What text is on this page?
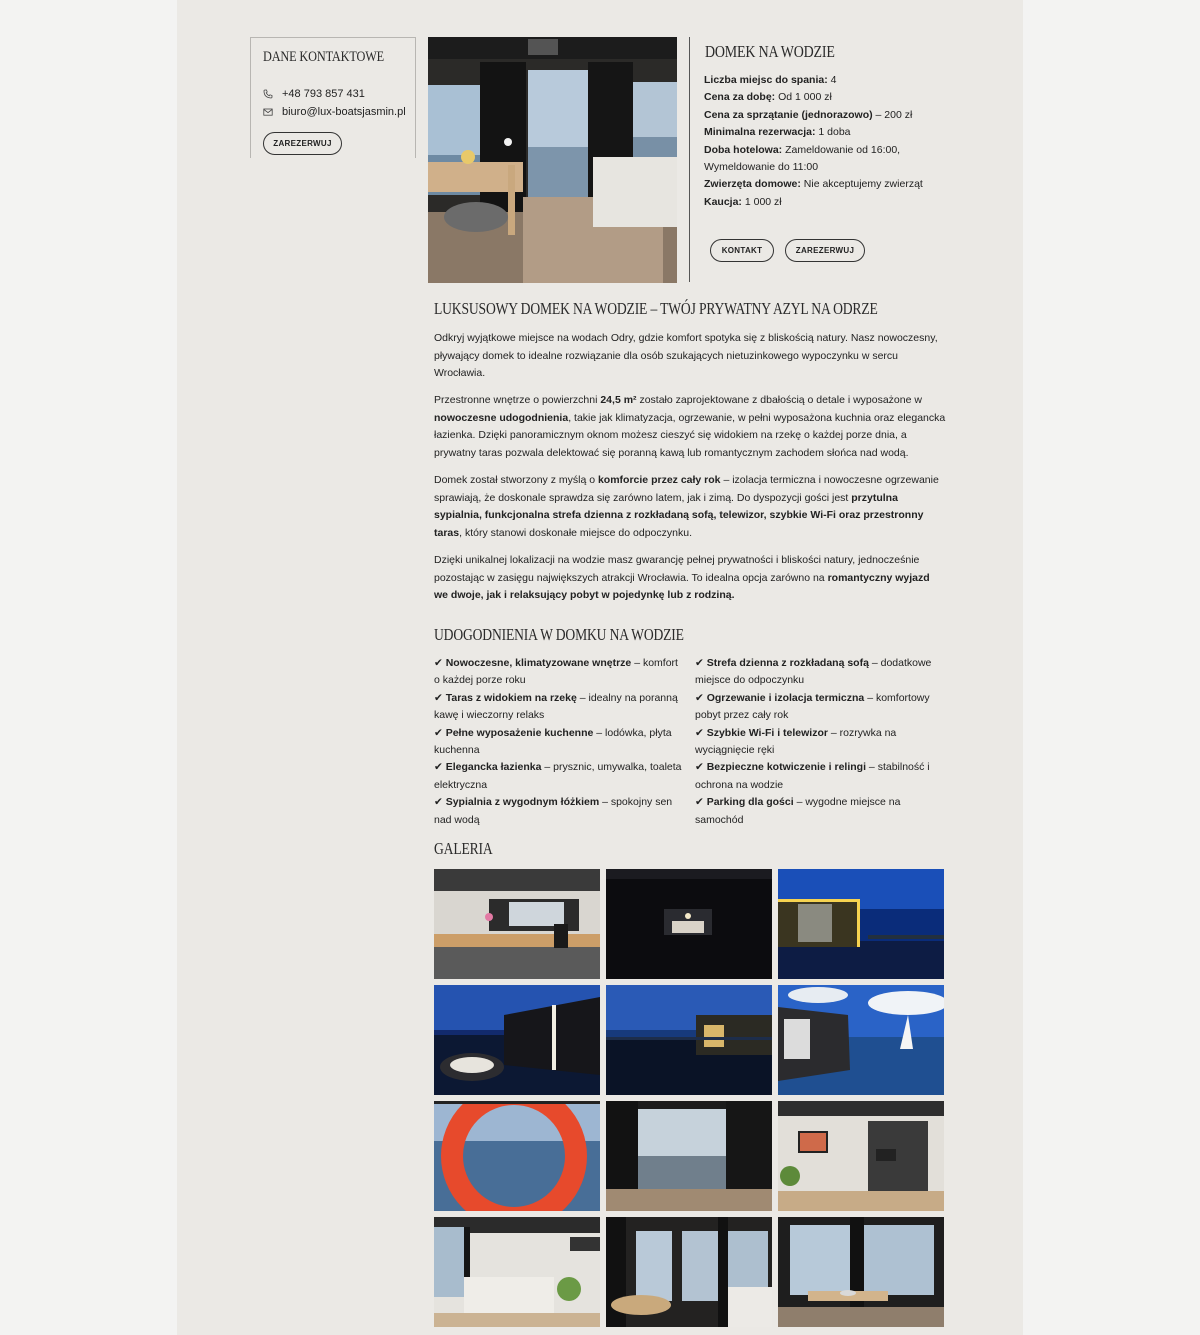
DANE KONTAKTOWE
+48 793 857 431
biuro@lux-boatsjasmin.pl
ZAREZERWUJ
DOMEK NA WODZIE
Liczba miejsc do spania: 4
Cena za dobę: Od 1 000 zł
Cena za sprzątanie (jednorazowo) – 200 zł
Minimalna rezerwacja: 1 doba
Doba hotelowa: Zameldowanie od 16:00, Wymeldowanie do 11:00
Zwierzęta domowe: Nie akceptujemy zwierząt
Kaucja: 1 000 zł
KONTAKT	ZAREZERWUJ
LUKSUSOWY DOMEK NA WODZIE – TWÓJ PRYWATNY AZYL NA ODRZE

Odkryj wyjątkowe miejsce na wodach Odry, gdzie komfort spotyka się z bliskością natury. Nasz nowoczesny, pływający domek to idealne rozwiązanie dla osób szukających nietuzinkowego wypoczynku w sercu Wrocławia.

Przestronne wnętrze o powierzchni 24,5 m² zostało zaprojektowane z dbałością o detale i wyposażone w nowoczesne udogodnienia, takie jak klimatyzacja, ogrzewanie, w pełni wyposażona kuchnia oraz elegancka łazienka. Dzięki panoramicznym oknom możesz cieszyć się widokiem na rzekę o każdej porze dnia, a prywatny taras pozwala delektować się poranną kawą lub romantycznym zachodem słońca nad wodą.

Domek został stworzony z myślą o komforcie przez cały rok – izolacja termiczna i nowoczesne ogrzewanie sprawiają, że doskonale sprawdza się zarówno latem, jak i zimą. Do dyspozycji gości jest przytulna sypialnia, funkcjonalna strefa dzienna z rozkładaną sofą, telewizor, szybkie Wi-Fi oraz przestronny taras, który stanowi doskonałe miejsce do odpoczynku.

Dzięki unikalnej lokalizacji na wodzie masz gwarancję pełnej prywatności i bliskości natury, jednocześnie pozostając w zasięgu największych atrakcji Wrocławia. To idealna opcja zarówno na romantyczny wyjazd we dwoje, jak i relaksujący pobyt w pojedynkę lub z rodziną.

UDOGODNIENIA W DOMKU NA WODZIE
✔ Nowoczesne, klimatyzowane wnętrze – komfort o każdej porze roku
✔ Taras z widokiem na rzekę – idealny na poranną kawę i wieczorny relaks
✔ Pełne wyposażenie kuchenne – lodówka, płyta kuchenna
✔ Elegancka łazienka – prysznic, umywalka, toaleta elektryczna
✔ Sypialnia z wygodnym łóżkiem – spokojny sen nad wodą
✔ Strefa dzienna z rozkładaną sofą – dodatkowe miejsce do odpoczynku
✔ Ogrzewanie i izolacja termiczna – komfortowy pobyt przez cały rok
✔ Szybkie Wi-Fi i telewizor – rozrywka na wyciągnięcie ręki
✔ Bezpieczne kotwiczenie i relingi – stabilność i ochrona na wodzie
✔ Parking dla gości – wygodne miejsce na samochód
GALERIA
